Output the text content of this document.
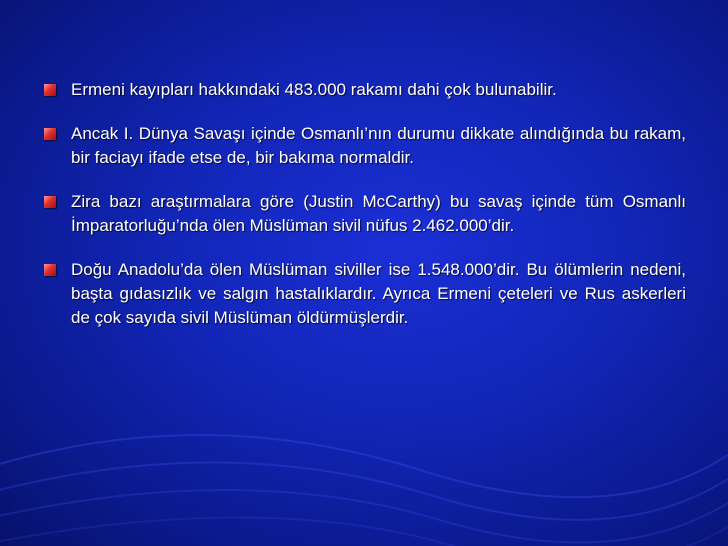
Ermeni kayıpları hakkındaki 483.000 rakamı dahi çok bulunabilir.
Ancak I. Dünya Savaşı içinde Osmanlı’nın durumu dikkate alındığında bu rakam, bir faciayı ifade etse de, bir bakıma normaldir.
Zira bazı araştırmalara göre (Justin McCarthy) bu savaş içinde tüm Osmanlı İmparatorluğu’nda ölen Müslüman sivil nüfus 2.462.000’dir.
Doğu Anadolu’da ölen Müslüman siviller ise 1.548.000’dir. Bu ölümlerin nedeni, başta gıdasızlık ve salgın hastalıklardır. Ayrıca Ermeni çeteleri ve Rus askerleri de çok sayıda sivil Müslüman öldürmüşlerdir.
